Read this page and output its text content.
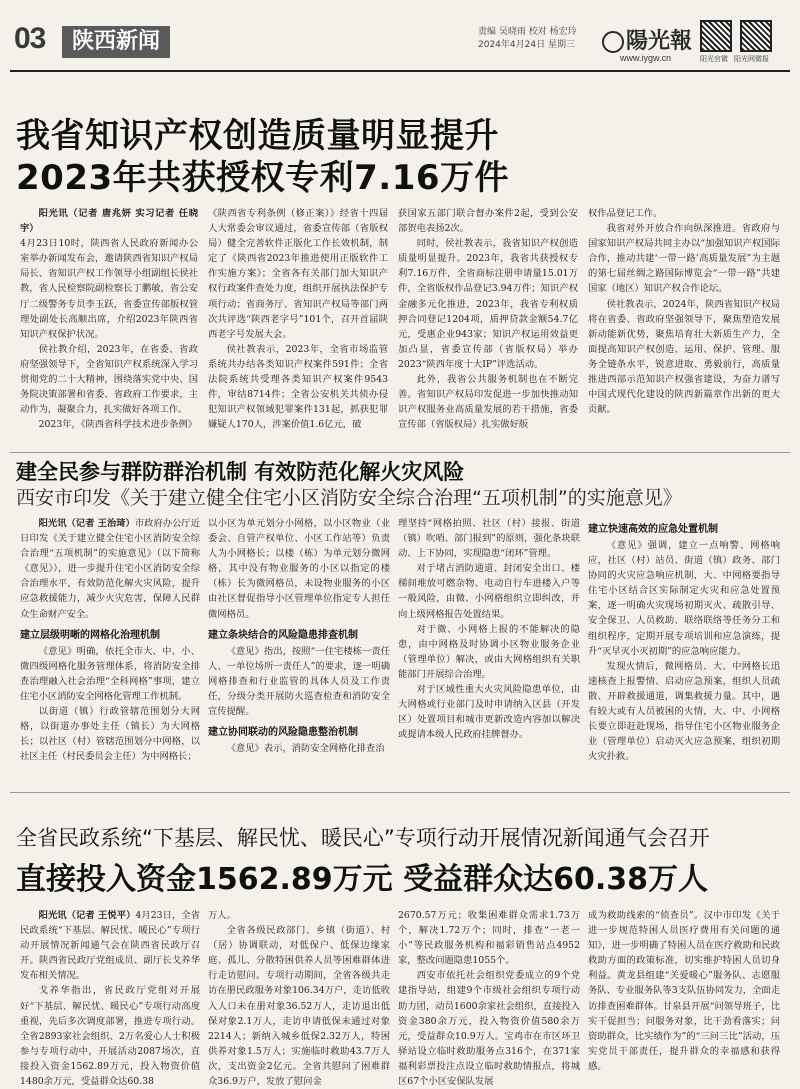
03	陕西新闻	责编 吴晓雨 校对 杨宏玲
2024年4月24日 星期三	陽光報
www.iygw.cn	阳光官微 阳光网微报
我省知识产权创造质量明显提升
2023年共获授权专利7.16万件

阳光讯（记者 唐兆妍 实习记者 任晓宇）

4月23日10时，陕西省人民政府新闻办公室举办新闻发布会，邀请陕西省知识产权局局长、省知识产权工作领导小组副组长侯社教，省人民检察院副检察长丁鹏敏，省公安厅二级警务专员李玉跃，省委宣传部版权管理处副处长高顺出席，介绍2023年陕西省知识产权保护状况。

侯社教介绍，2023年，在省委、省政府坚强领导下，全省知识产权系统深入学习贯彻党的二十大精神，围绕落实党中央、国务院决策部署和省委、省政府工作要求，主动作为，凝聚合力，扎实做好各项工作。

2023年，《陕西省科学技术进步条例》

《陕西省专利条例（修正案）》经省十四届人大常委会审议通过，省委宣传部（省版权局）健全完善软件正版化工作长效机制，制定了《陕西省2023年推进使用正版软件工作实施方案》；全省各有关部门加大知识产权行政案件查处力度，组织开展执法保护专项行动；省商务厅、省知识产权局等部门两次共评选“陕西老字号”101个，召开首届陕西老字号发展大会。

侯社教表示，2023年，全省市场监管系统共办结各类知识产权案件591件；全省法院系统共受理各类知识产权案件9543件，审结8714件；全省公安机关共侦办侵犯知识产权领域犯罪案件131起，抓获犯罪嫌疑人170人，涉案价值1.6亿元，破

获国家五部门联合督办案件2起，受到公安部贺电表扬2次。

同时，侯社教表示，我省知识产权创造质量明显提升。2023年，我省共获授权专利7.16万件，全省商标注册申请量15.01万件，全省版权作品登记3.94万件；知识产权金融多元化推进，2023年，我省专利权质押合同登记1204项，质押贷款金额54.7亿元，受惠企业943家；知识产权运用效益更加凸显，省委宣传部（省版权局）举办2023“陕西年度十大IP”评选活动。

此外，我省公共服务机制也在不断完善。省知识产权局印发促进一步加快推动知识产权服务业高质量发展的若干措施，省委宣传部（省版权局）扎实做好版

权作品登记工作。

我省对外开放合作向纵深推进。省政府与国家知识产权局共同主办以“加强知识产权国际合作，推动共建‘一带一路’高质量发展”为主题的第七届丝绸之路国际博览会“一带一路”共建国家（地区）知识产权合作论坛。

侯社教表示，2024年，陕西省知识产权局将在省委、省政府坚强领导下，聚焦塑造发展新动能新优势，聚焦培育壮大新质生产力，全面提高知识产权创造、运用、保护、管理、服务全链条水平，锐意进取、勇毅前行，高质量推进西部示范知识产权强省建设，为奋力谱写中国式现代化建设的陕西新篇章作出新的更大贡献。

建全民参与群防群治机制 有效防范化解火灾风险
西安市印发《关于建立健全住宅小区消防安全综合治理“五项机制”的实施意见》

阳光讯（记者 王治琦）市政府办公厅近日印发《关于建立健全住宅小区消防安全综合治理“五项机制”的实施意见》（以下简称《意见》），进一步提升住宅小区消防安全综合治理水平，有效防范化解火灾风险，提升应急救援能力，减少火灾危害，保障人民群众生命财产安全。

建立层级明晰的网格化治理机制

《意见》明确，依托全市大、中、小、微四级网格化服务管理体系，将消防安全排查治理融入社会治理“全科网格”事项，建立住宅小区消防安全网格化管理工作机制。

以街道（镇）行政管辖范围划分大网格，以街道办事处主任（镇长）为大网格长；以社区（村）管辖范围划分中网格，以社区主任（村民委员会主任）为中网格长；

以小区为单元划分小网格，以小区物业（业委会、自管产权单位、小区工作站等）负责人为小网格长；以楼（栋）为单元划分微网格，其中没有物业服务的小区以指定的楼（栋）长为微网格员，未设物业服务的小区由社区督促指导小区管理单位指定专人担任微网格员。

建立条块结合的风险隐患排查机制

《意见》指出，按照“一住宅楼栋一责任人、一单位场所一责任人”的要求，逐一明确网格排查和行业监管的具体人员及工作责任，分级分类开展防火巡查检查和消防安全宣传提醒。

建立协同联动的风险隐患整治机制

《意见》表示，消防安全网格化排查治

理坚持“网格拍照、社区（村）接报、街道（镇）吹哨、部门报到”的原则，强化条块联动、上下协同，实现隐患“闭环”管理。

对于堵占消防通道、封闭安全出口、楼梯间堆放可燃杂物、电动自行车进楼入户等一般风险，由微、小网格组织立即纠改，并向上级网格报告处置结果。

对于微、小网格上报的不能解决的隐患，由中网格及时协调小区物业服务企业（管理单位）解决，或由大网格组织有关职能部门开展综合治理。

对于区域性重大火灾风险隐患单位，由大网格或行业部门及时申请纳入区县（开发区）处置项目和城市更新改造内容加以解决或提请本级人民政府挂牌督办。

建立快速高效的应急处置机制

《意见》强调，建立一点响警、网格响应，社区（村）站员、街道（镇）政务、部门协同的火灾应急响应机制，大、中网格要指导住宅小区结合区实际制定火灾和应急处置预案，逐一明确火灾现场初期灭火、疏散引导、安全保卫、人员救助、联络联络等任务分工和组织程序，定期开展专项培训和应急演练，提升“灭早灭小灭初期”的应急响应能力。

发现火情后，微网格员、大、中网格长迅速核查上报警情、启动应急预案，组织人员疏散、开辟救援通道，调集救援力量。其中，遇有较大或有人员被困的火情，大、中、小网格长要立即赶赴现场，指导住宅小区物业服务企业（管理单位）启动灭火应急预案，组织初期火灾扑救。

全省民政系统“下基层、解民忧、暖民心”专项行动开展情况新闻通气会召开
直接投入资金1562.89万元 受益群众达60.38万人

阳光讯（记者 王悦平）4月23日，全省民政系统“下基层、解民忧、暖民心”专项行动开展情况新闻通气会在陕西省民政厅召开。陕西省民政厅党组成员、副厅长戈养华发布相关情况。

戈养华指出，省民政厅党组对开展好“下基层、解民忧、暖民心”专项行动高度重视，先后多次调度部署，推进专项行动。全省2893家社会组织、2万名爱心人士积极参与专项行动中，开展活动2087场次，直接投入资金1562.89万元，投入物资价值1480余万元，受益群众达60.38

万人。

全省各级民政部门、乡镇（街道）、村（居）协调联动，对低保户、低保边缘家庭、孤儿、分散特困供养人员等困难群体进行走访慰问。专项行动期间，全省各级共走访在册民政服务对象106.34万户，走访低收入人口未在册对象36.52万人，走访退出低保对象2.1万人，走访申请低保未通过对象2214人；新纳入城乡低保2.32万人，特困供养对象1.5万人；实施临时救助43.7万人次，支出资金2亿元。全省共慰问了困难群众36.9万户，发放了慰问金

2670.57万元；收集困难群众需求1.73万个，解决1.72万个；同时，排查“一老一小”等民政服务机构和福彩销售站点4952家，整改问题隐患1055个。

西安市依托社会组织党委成立的9个党建指导站，组建9个市级社会组织专项行动助力团，动员1600余家社会组织，直接投入资金380余万元，投入物资价值580余万元，受益群众10.9万人。宝鸡市在市区环卫驿站设立临时救助服务点316个，在371家福利彩票投注点设立临时救助情报点，将城区67个小区安保队发展

成为救助线索的“侦查员”。汉中市印发《关于进一步规范特困人员医疗费用有关问题的通知》，进一步明确了特困人员在医疗救助和民政救助方面的政策标准，切实维护特困人员切身利益。黄龙县组建“关爱暖心”服务队、志愿服务队、专业服务队等3支队伍协同发力，全面走访排查困难群体。甘泉县开展“问领导班子，比实干促担当；问服务对象，比干劲看落实；问资助群众，比实绩作为”的“三问三比”活动，压实党员干部责任，提升群众的幸福感和获得感。
